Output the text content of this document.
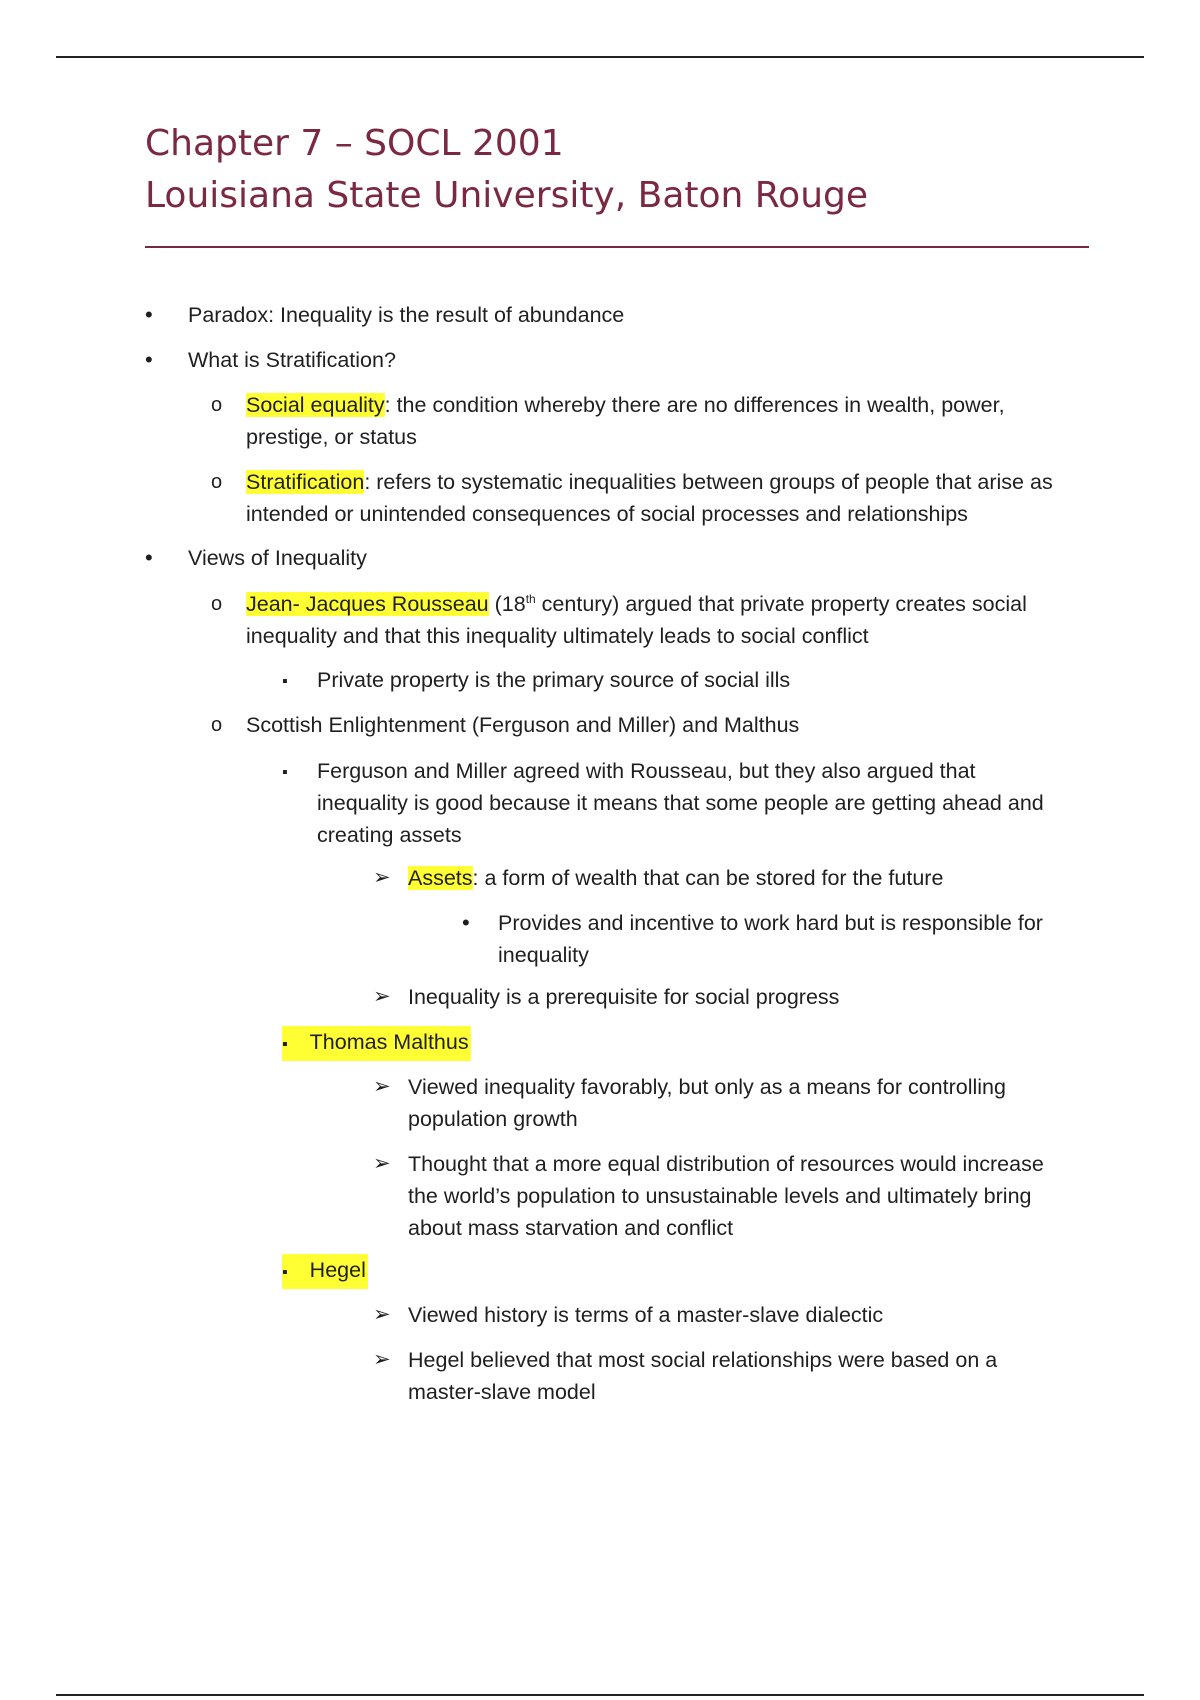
Chapter 7 – SOCL 2001
Louisiana State University, Baton Rouge
•	Paradox: Inequality is the result of abundance
•	What is Stratification?
o	Social equality: the condition whereby there are no differences in wealth, power,
prestige, or status
o	Stratification: refers to systematic inequalities between groups of people that arise as
intended or unintended consequences of social processes and relationships
•	Views of Inequality
o	Jean- Jacques Rousseau (18th century) argued that private property creates social
inequality and that this inequality ultimately leads to social conflict
▪	Private property is the primary source of social ills
o	Scottish Enlightenment (Ferguson and Miller) and Malthus
▪	Ferguson and Miller agreed with Rousseau, but they also argued that
inequality is good because it means that some people are getting ahead and
creating assets
➢ Assets: a form of wealth that can be stored for the future
•	Provides and incentive to work hard but is responsible for
inequality
➢ Inequality is a prerequisite for social progress
▪ Thomas Malthus
➢ Viewed inequality favorably, but only as a means for controlling
population growth
➢ Thought that a more equal distribution of resources would increase
the world’s population to unsustainable levels and ultimately bring
about mass starvation and conflict
▪ Hegel
➢ Viewed history is terms of a master-slave dialectic
➢ Hegel believed that most social relationships were based on a
master-slave model
